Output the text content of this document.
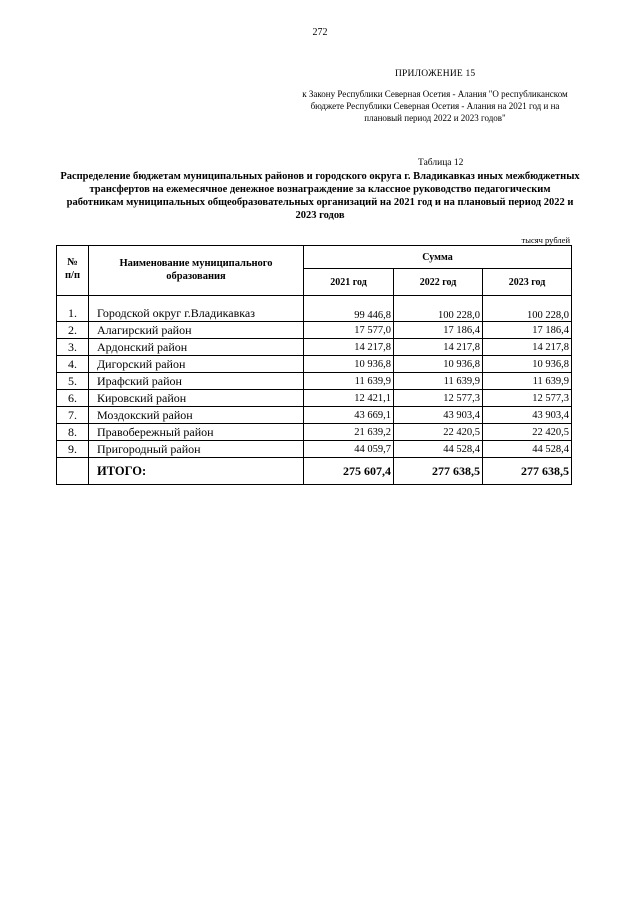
272
ПРИЛОЖЕНИЕ 15
к Закону Республики Северная Осетия - Алания "О республиканском бюджете Республики Северная Осетия - Алания на 2021 год и на плановый период 2022 и 2023 годов"
Таблица 12
Распределение бюджетам муниципальных районов и городского округа г. Владикавказ иных межбюджетных трансфертов на ежемесячное денежное вознаграждение за классное руководство педагогическим работникам муниципальных общеобразовательных организаций на 2021 год и на плановый период 2022 и 2023 годов
тысяч рублей
№
п/п	Наименование муниципального образования	Сумма		
		2021 год	2022 год	2023 год
1.	Городской округ г.Владикавказ	99 446,8	100 228,0	100 228,0
2.	Алагирский район	17 577,0	17 186,4	17 186,4
3.	Ардонский район	14 217,8	14 217,8	14 217,8
4.	Дигорский район	10 936,8	10 936,8	10 936,8
5.	Ирафский район	11 639,9	11 639,9	11 639,9
6.	Кировский район	12 421,1	12 577,3	12 577,3
7.	Моздокский район	43 669,1	43 903,4	43 903,4
8.	Правобережный район	21 639,2	22 420,5	22 420,5
9.	Пригородный район	44 059,7	44 528,4	44 528,4
	ИТОГО:	275 607,4	277 638,5	277 638,5
